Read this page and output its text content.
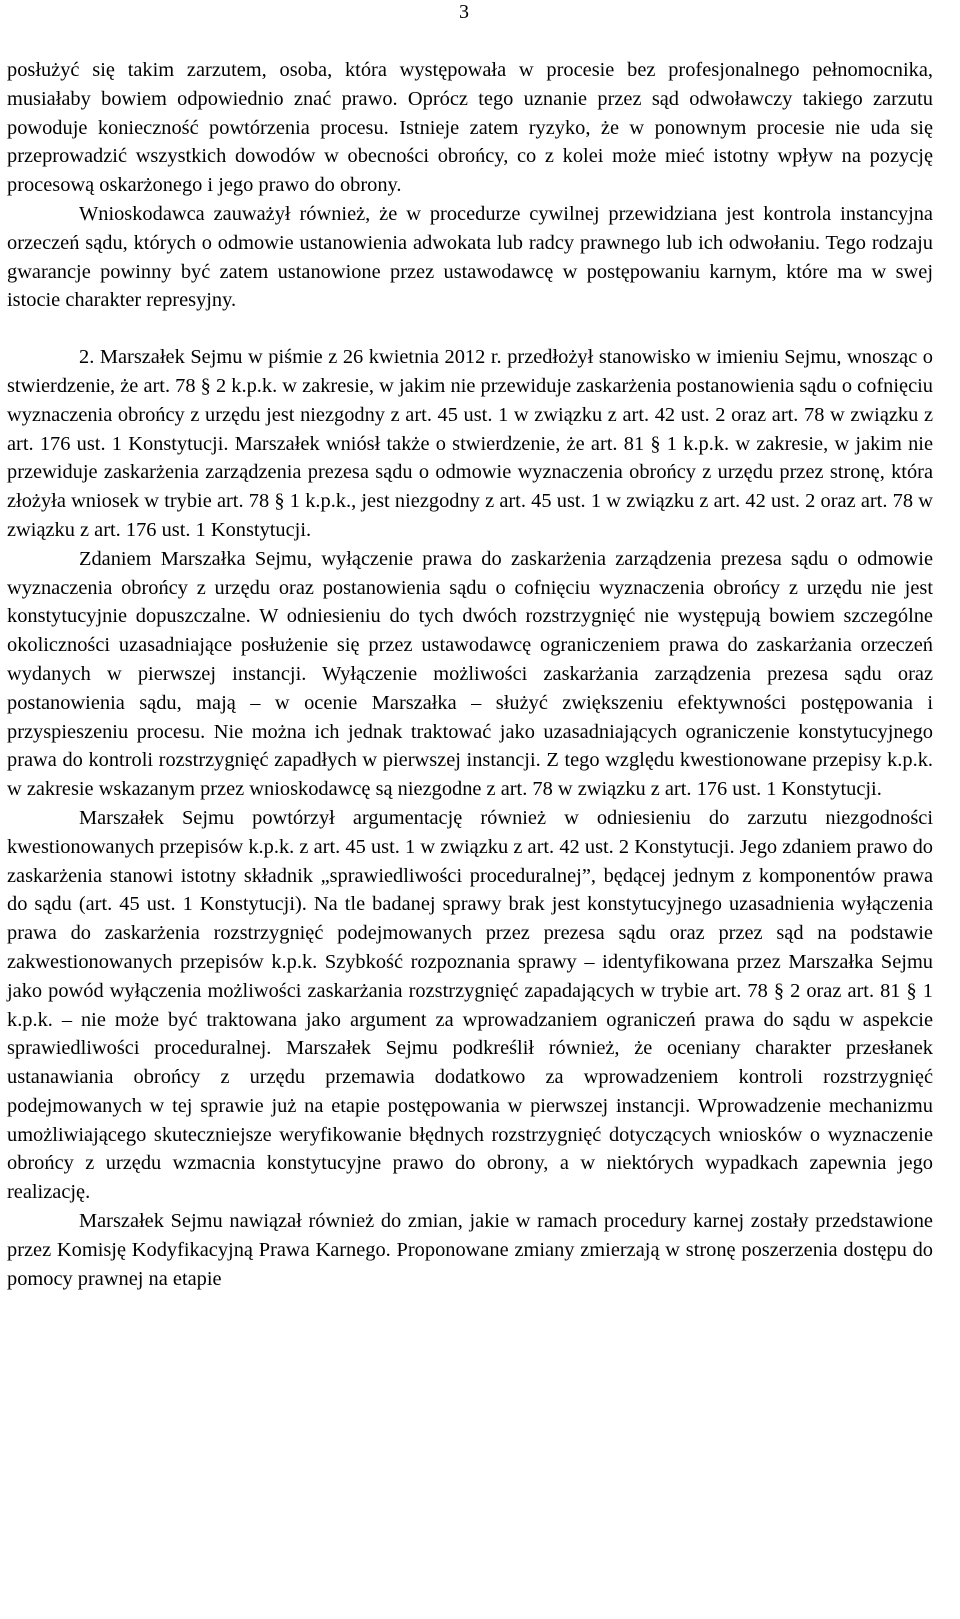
3

posłużyć się takim zarzutem, osoba, która występowała w procesie bez profesjonalnego pełnomocnika, musiałaby bowiem odpowiednio znać prawo. Oprócz tego uznanie przez sąd odwoławczy takiego zarzutu powoduje konieczność powtórzenia procesu. Istnieje zatem ryzyko, że w ponownym procesie nie uda się przeprowadzić wszystkich dowodów w obecności obrońcy, co z kolei może mieć istotny wpływ na pozycję procesową oskarżonego i jego prawo do obrony.

Wnioskodawca zauważył również, że w procedurze cywilnej przewidziana jest kontrola instancyjna orzeczeń sądu, których o odmowie ustanowienia adwokata lub radcy prawnego lub ich odwołaniu. Tego rodzaju gwarancje powinny być zatem ustanowione przez ustawodawcę w postępowaniu karnym, które ma w swej istocie charakter represyjny.

2. Marszałek Sejmu w piśmie z 26 kwietnia 2012 r. przedłożył stanowisko w imieniu Sejmu, wnosząc o stwierdzenie, że art. 78 § 2 k.p.k. w zakresie, w jakim nie przewiduje zaskarżenia postanowienia sądu o cofnięciu wyznaczenia obrońcy z urzędu jest niezgodny z art. 45 ust. 1 w związku z art. 42 ust. 2 oraz art. 78 w związku z art. 176 ust. 1 Konstytucji. Marszałek wniósł także o stwierdzenie, że art. 81 § 1 k.p.k. w zakresie, w jakim nie przewiduje zaskarżenia zarządzenia prezesa sądu o odmowie wyznaczenia obrońcy z urzędu przez stronę, która złożyła wniosek w trybie art. 78 § 1 k.p.k., jest niezgodny z art. 45 ust. 1 w związku z art. 42 ust. 2 oraz art. 78 w związku z art. 176 ust. 1 Konstytucji.

Zdaniem Marszałka Sejmu, wyłączenie prawa do zaskarżenia zarządzenia prezesa sądu o odmowie wyznaczenia obrońcy z urzędu oraz postanowienia sądu o cofnięciu wyznaczenia obrońcy z urzędu nie jest konstytucyjnie dopuszczalne. W odniesieniu do tych dwóch rozstrzygnięć nie występują bowiem szczególne okoliczności uzasadniające posłużenie się przez ustawodawcę ograniczeniem prawa do zaskarżania orzeczeń wydanych w pierwszej instancji. Wyłączenie możliwości zaskarżania zarządzenia prezesa sądu oraz postanowienia sądu, mają – w ocenie Marszałka – służyć zwiększeniu efektywności postępowania i przyspieszeniu procesu. Nie można ich jednak traktować jako uzasadniających ograniczenie konstytucyjnego prawa do kontroli rozstrzygnięć zapadłych w pierwszej instancji. Z tego względu kwestionowane przepisy k.p.k. w zakresie wskazanym przez wnioskodawcę są niezgodne z art. 78 w związku z art. 176 ust. 1 Konstytucji.

Marszałek Sejmu powtórzył argumentację również w odniesieniu do zarzutu niezgodności kwestionowanych przepisów k.p.k. z art. 45 ust. 1 w związku z art. 42 ust. 2 Konstytucji. Jego zdaniem prawo do zaskarżenia stanowi istotny składnik „sprawiedliwości proceduralnej”, będącej jednym z komponentów prawa do sądu (art. 45 ust. 1 Konstytucji). Na tle badanej sprawy brak jest konstytucyjnego uzasadnienia wyłączenia prawa do zaskarżenia rozstrzygnięć podejmowanych przez prezesa sądu oraz przez sąd na podstawie zakwestionowanych przepisów k.p.k. Szybkość rozpoznania sprawy – identyfikowana przez Marszałka Sejmu jako powód wyłączenia możliwości zaskarżania rozstrzygnięć zapadających w trybie art. 78 § 2 oraz art. 81 § 1 k.p.k. – nie może być traktowana jako argument za wprowadzaniem ograniczeń prawa do sądu w aspekcie sprawiedliwości proceduralnej. Marszałek Sejmu podkreślił również, że oceniany charakter przesłanek ustanawiania obrońcy z urzędu przemawia dodatkowo za wprowadzeniem kontroli rozstrzygnięć podejmowanych w tej sprawie już na etapie postępowania w pierwszej instancji. Wprowadzenie mechanizmu umożliwiającego skuteczniejsze weryfikowanie błędnych rozstrzygnięć dotyczących wniosków o wyznaczenie obrońcy z urzędu wzmacnia konstytucyjne prawo do obrony, a w niektórych wypadkach zapewnia jego realizację.

Marszałek Sejmu nawiązał również do zmian, jakie w ramach procedury karnej zostały przedstawione przez Komisję Kodyfikacyjną Prawa Karnego. Proponowane zmiany zmierzają w stronę poszerzenia dostępu do pomocy prawnej na etapie
